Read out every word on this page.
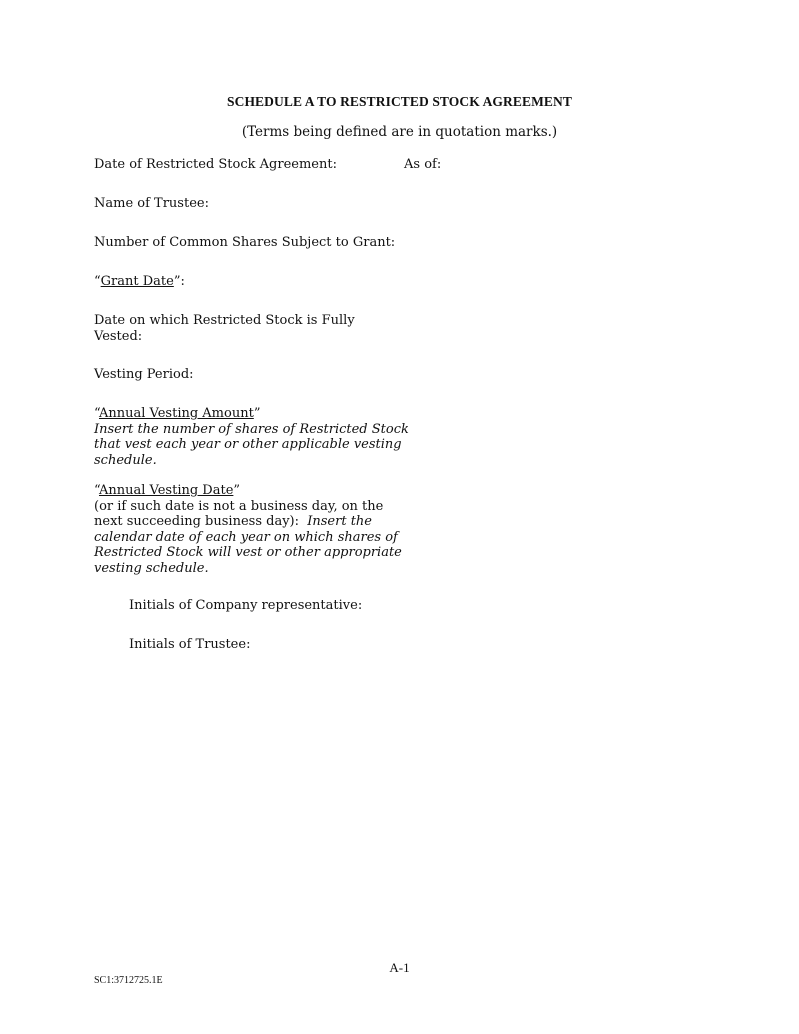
SCHEDULE A TO RESTRICTED STOCK AGREEMENT
(Terms being defined are in quotation marks.)
Date of Restricted Stock Agreement:	As of:
Name of Trustee:
Number of Common Shares Subject to Grant:
“Grant Date”:
Date on which Restricted Stock is Fully
Vested:
Vesting Period:
“Annual Vesting Amount”
Insert the number of shares of Restricted Stock
that vest each year or other applicable vesting
schedule.
“Annual Vesting Date”
(or if such date is not a business day, on the
next succeeding business day):  Insert the
calendar date of each year on which shares of
Restricted Stock will vest or other appropriate
vesting schedule.
Initials of Company representative:
Initials of Trustee:
A-1
SC1:3712725.1E
